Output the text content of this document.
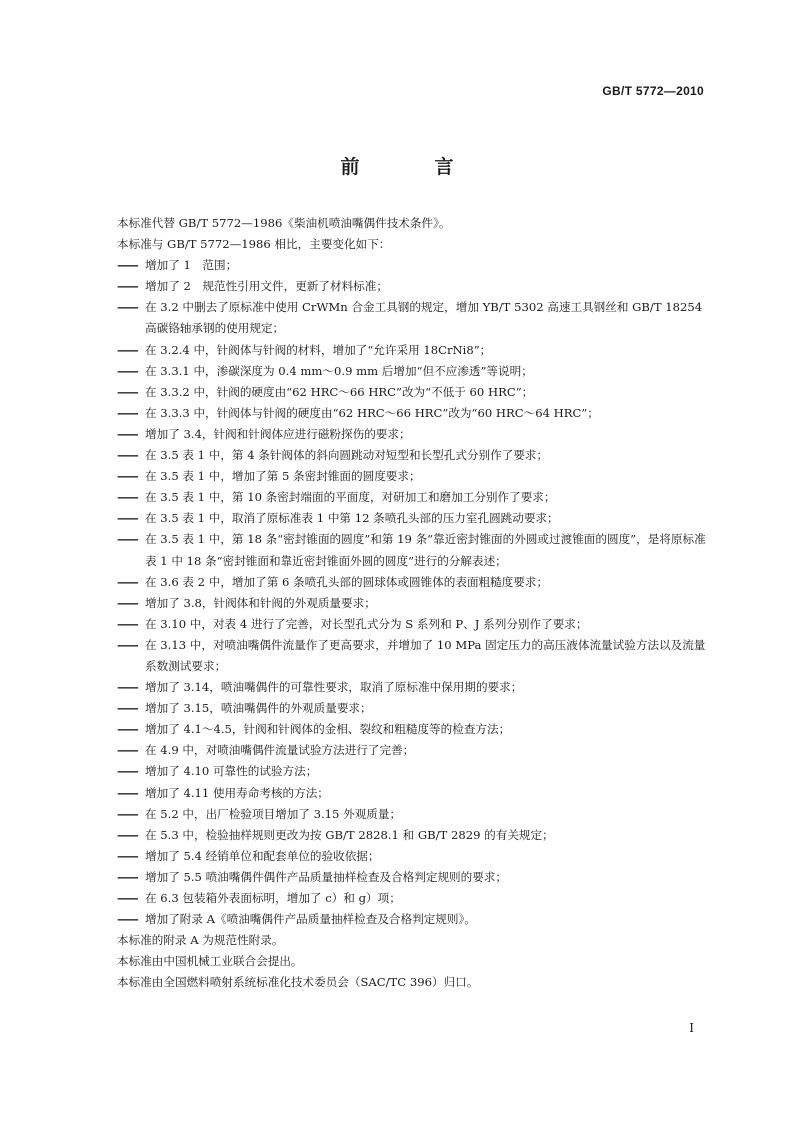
GB/T 5772—2010
前　言
本标准代替 GB/T 5772—1986《柴油机喷油嘴偶件技术条件》。
本标准与 GB/T 5772—1986 相比，主要变化如下：
—— 增加了 1　范围；
—— 增加了 2　规范性引用文件，更新了材料标准；
—— 在 3.2 中删去了原标准中使用 CrWMn 合金工具钢的规定，增加 YB/T 5302 高速工具钢丝和 GB/T 18254 高碳铬轴承钢的使用规定；
—— 在 3.2.4 中，针阀体与针阀的材料，增加了“允许采用 18CrNi8”；
—— 在 3.3.1 中，渗碳深度为 0.4 mm～0.9 mm 后增加“但不应渗透”等说明；
—— 在 3.3.2 中，针阀的硬度由“62 HRC～66 HRC”改为“不低于 60 HRC”；
—— 在 3.3.3 中，针阀体与针阀的硬度由“62 HRC～66 HRC”改为“60 HRC～64 HRC”；
—— 增加了 3.4，针阀和针阀体应进行磁粉探伤的要求；
—— 在 3.5 表 1 中，第 4 条针阀体的斜向圆跳动对短型和长型孔式分别作了要求；
—— 在 3.5 表 1 中，增加了第 5 条密封锥面的圆度要求；
—— 在 3.5 表 1 中，第 10 条密封端面的平面度，对研加工和磨加工分别作了要求；
—— 在 3.5 表 1 中，取消了原标准表 1 中第 12 条喷孔头部的压力室孔圆跳动要求；
—— 在 3.5 表 1 中，第 18 条“密封锥面的圆度”和第 19 条“靠近密封锥面的外圆或过渡锥面的圆度”，是将原标准表 1 中 18 条“密封锥面和靠近密封锥面外圆的圆度”进行的分解表述；
—— 在 3.6 表 2 中，增加了第 6 条喷孔头部的圆球体或圆锥体的表面粗糙度要求；
—— 增加了 3.8，针阀体和针阀的外观质量要求；
—— 在 3.10 中，对表 4 进行了完善，对长型孔式分为 S 系列和 P、J 系列分别作了要求；
—— 在 3.13 中，对喷油嘴偶件流量作了更高要求，并增加了 10 MPa 固定压力的高压液体流量试验方法以及流量系数测试要求；
—— 增加了 3.14，喷油嘴偶件的可靠性要求，取消了原标准中保用期的要求；
—— 增加了 3.15，喷油嘴偶件的外观质量要求；
—— 增加了 4.1～4.5，针阀和针阀体的金相、裂纹和粗糙度等的检查方法；
—— 在 4.9 中，对喷油嘴偶件流量试验方法进行了完善；
—— 增加了 4.10 可靠性的试验方法；
—— 增加了 4.11 使用寿命考核的方法；
—— 在 5.2 中，出厂检验项目增加了 3.15 外观质量；
—— 在 5.3 中，检验抽样规则更改为按 GB/T 2828.1 和 GB/T 2829 的有关规定；
—— 增加了 5.4 经销单位和配套单位的验收依据；
—— 增加了 5.5 喷油嘴偶件偶件产品质量抽样检查及合格判定规则的要求；
—— 在 6.3 包装箱外表面标明，增加了 c）和 g）项；
—— 增加了附录 A《喷油嘴偶件产品质量抽样检查及合格判定规则》。
本标准的附录 A 为规范性附录。
本标准由中国机械工业联合会提出。
本标准由全国燃料喷射系统标准化技术委员会（SAC/TC 396）归口。
I
